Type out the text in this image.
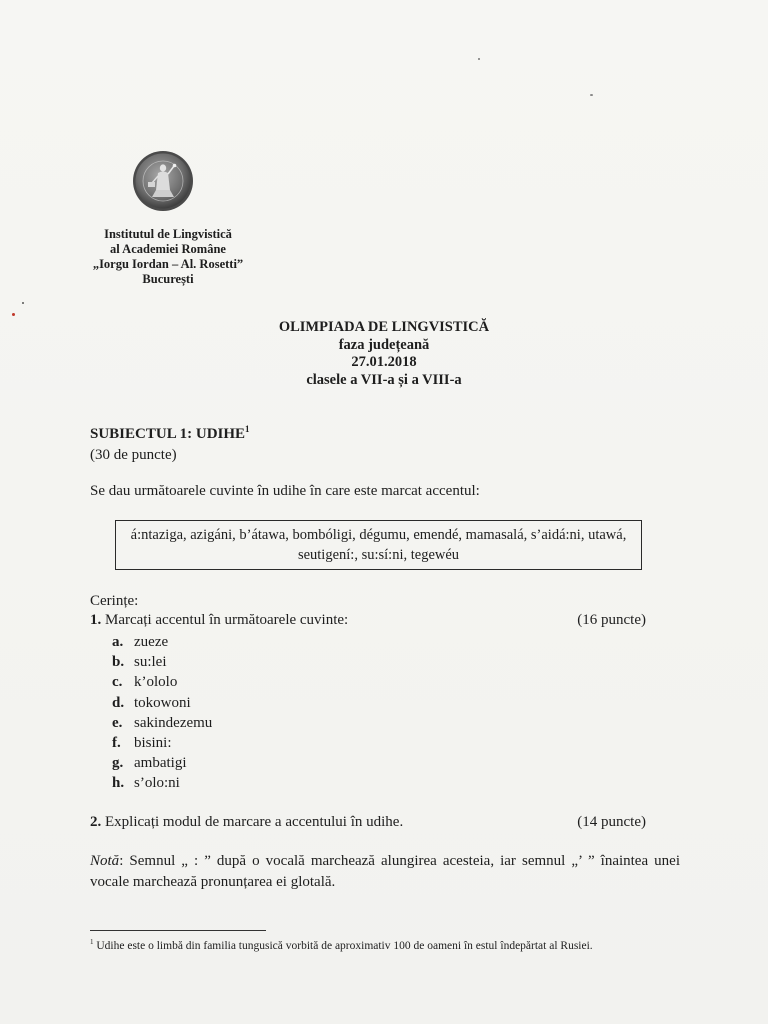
Institutul de Lingvistică
al Academiei Române
„Iorgu Iordan – Al. Rosetti”
București
OLIMPIADA DE LINGVISTICĂ
faza județeană
27.01.2018
clasele a VII-a și a VIII-a
SUBIECTUL 1: UDIHE$^1$
(30 de puncte)
Se dau următoarele cuvinte în udihe în care este marcat accentul:
á:ntaziga, azigáni, b’átawa, bombóligi, dégumu, emendé, mamasalá, s’aidá:ni, utawá,
seutigení:, su:sí:ni, tegewéu
Cerințe:
1. Marcați accentul în următoarele cuvinte:	(16 puncte)
a. zueze
b. su:lei
c. k’ololo
d. tokowoni
e. sakindezemu
f. bisini:
g. ambatigi
h. s’olo:ni
2. Explicați modul de marcare a accentului în udihe.	(14 puncte)
Notă: Semnul „ : ” după o vocală marchează alungirea acesteia, iar semnul „’ ” înaintea unei vocale marchează pronunțarea ei glotală.
$^1$ Udihe este o limbă din familia tungusică vorbită de aproximativ 100 de oameni în estul îndepărtat al Rusiei.
